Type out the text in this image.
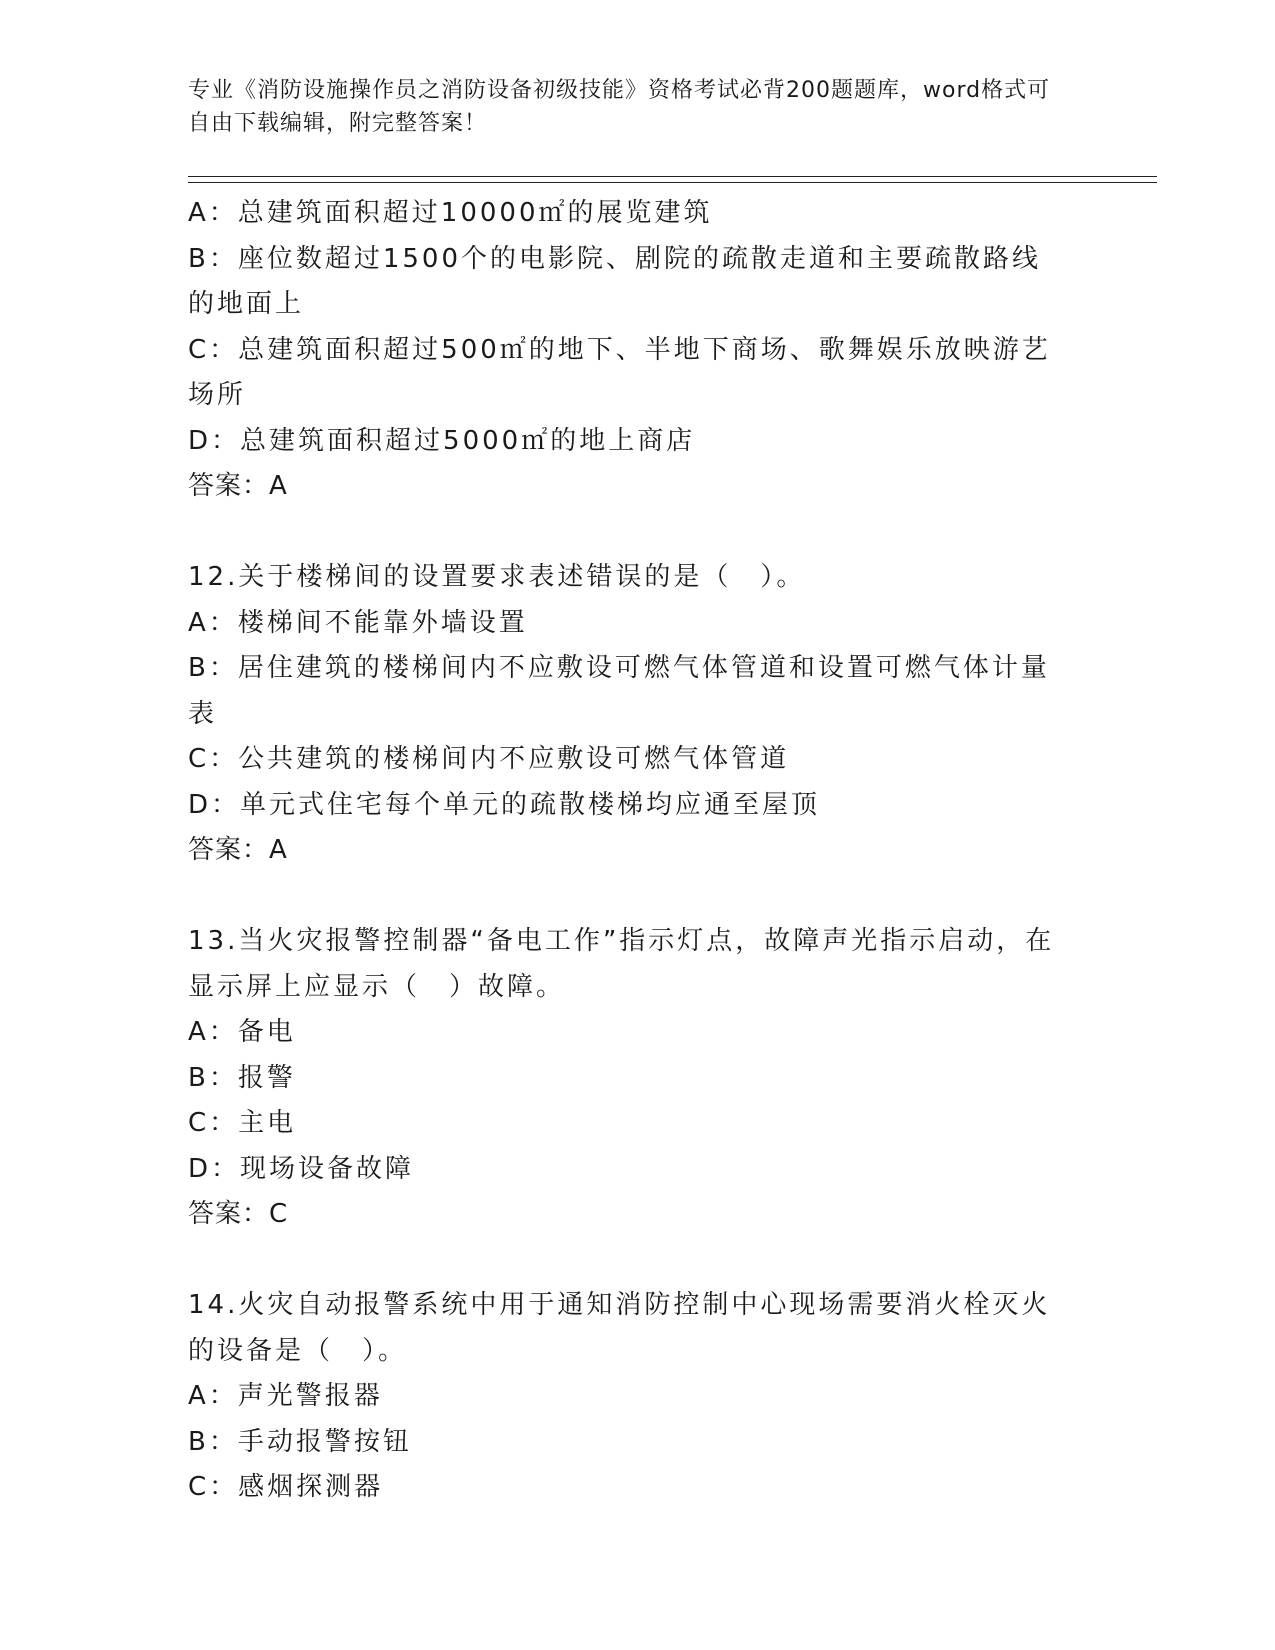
专业《消防设施操作员之消防设备初级技能》资格考试必背200题题库，word格式可自由下载编辑，附完整答案！
A：总建筑面积超过10000㎡的展览建筑
B：座位数超过1500个的电影院、剧院的疏散走道和主要疏散路线的地面上
C：总建筑面积超过500㎡的地下、半地下商场、歌舞娱乐放映游艺场所
D：总建筑面积超过5000㎡的地上商店
答案：A
12.关于楼梯间的设置要求表述错误的是（　）。
A：楼梯间不能靠外墙设置
B：居住建筑的楼梯间内不应敷设可燃气体管道和设置可燃气体计量表
C：公共建筑的楼梯间内不应敷设可燃气体管道
D：单元式住宅每个单元的疏散楼梯均应通至屋顶
答案：A
13.当火灾报警控制器“备电工作”指示灯点，故障声光指示启动，在显示屏上应显示（　）故障。
A：备电
B：报警
C：主电
D：现场设备故障
答案：C
14.火灾自动报警系统中用于通知消防控制中心现场需要消火栓灭火的设备是（　）。
A：声光警报器
B：手动报警按钮
C：感烟探测器
